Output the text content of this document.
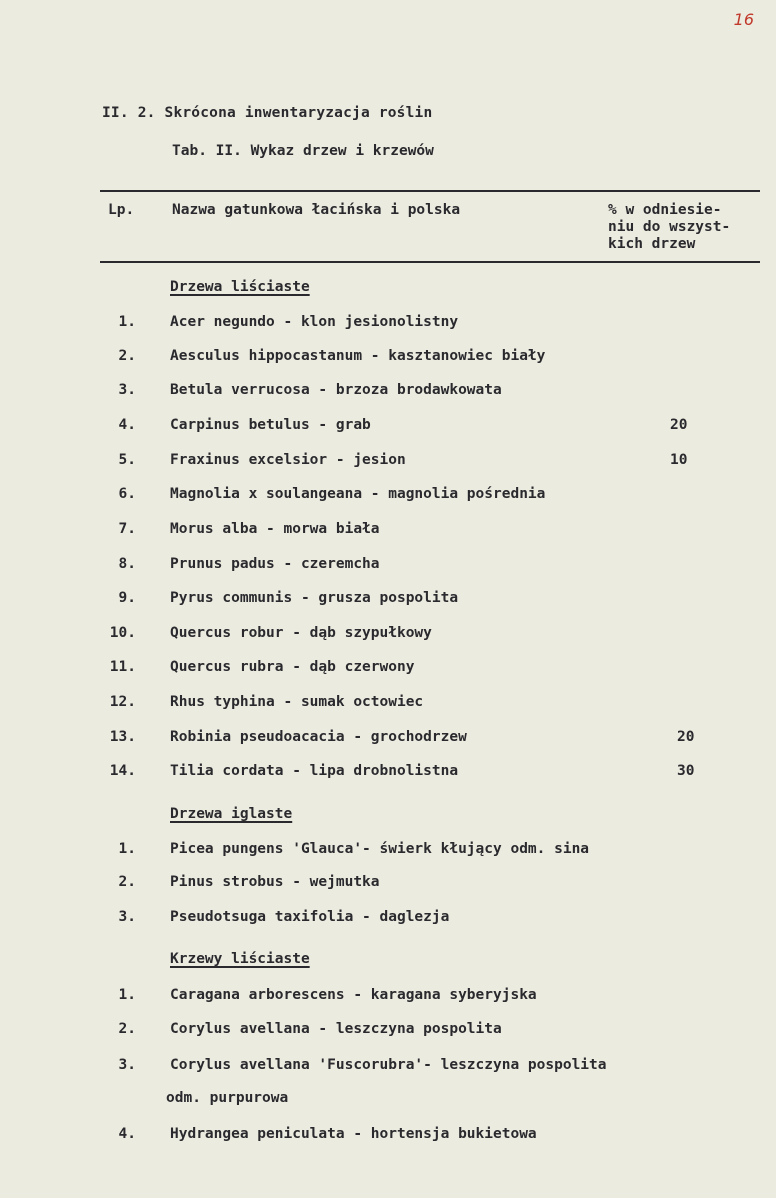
16
II. 2. Skrócona inwentaryzacja roślin
Tab. II. Wykaz drzew i krzewów
Lp.	Nazwa gatunkowa łacińska i polska	% w odniesie-
niu do wszyst-
kich drzew
Drzewa liściaste
1. Acer negundo - klon jesionolistny
2. Aesculus hippocastanum - kasztanowiec biały
3. Betula verrucosa - brzoza brodawkowata
4. Carpinus betulus - grab	20
5. Fraxinus excelsior - jesion	10
6. Magnolia x soulangeana - magnolia pośrednia
7. Morus alba - morwa biała
8. Prunus padus - czeremcha
9. Pyrus communis - grusza pospolita
10. Quercus robur - dąb szypułkowy
11. Quercus rubra - dąb czerwony
12. Rhus typhina - sumak octowiec
13. Robinia pseudoacacia - grochodrzew	20
14. Tilia cordata - lipa drobnolistna	30
Drzewa iglaste
1. Picea pungens 'Glauca'- świerk kłujący odm. sina
2. Pinus strobus - wejmutka
3. Pseudotsuga taxifolia - daglezja
Krzewy liściaste
1. Caragana arborescens - karagana syberyjska
2. Corylus avellana - leszczyna pospolita
3. Corylus avellana 'Fuscorubra'- leszczyna pospolita
odm. purpurowa
4. Hydrangea peniculata - hortensja bukietowa
